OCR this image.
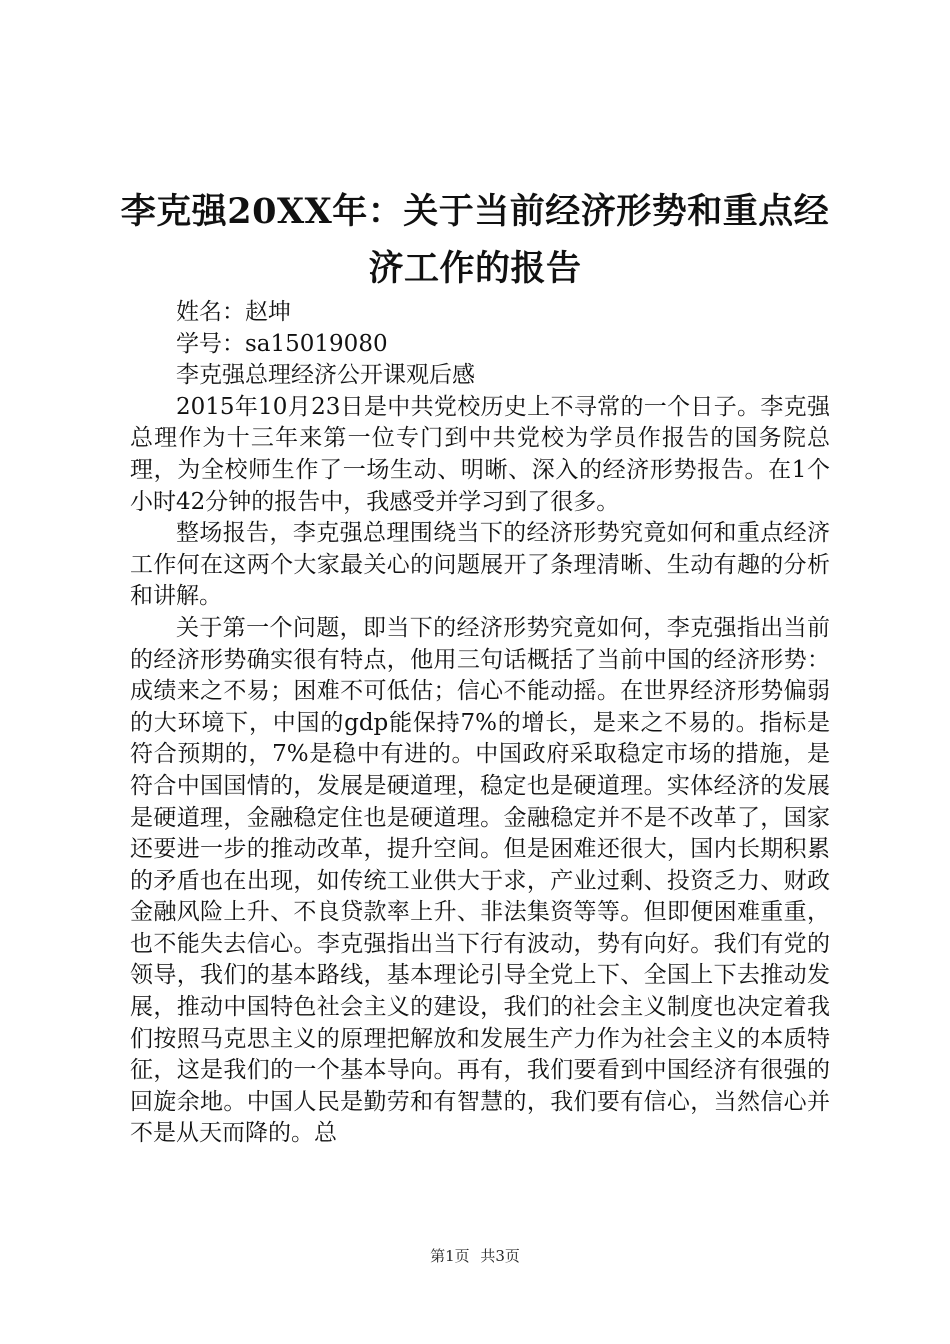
李克强20XX年：关于当前经济形势和重点经
济工作的报告

姓名：赵坤

学号：sa15019080

李克强总理经济公开课观后感

2015年10月23日是中共党校历史上不寻常的一个日子。李克强总理作为十三年来第一位专门到中共党校为学员作报告的国务院总理，为全校师生作了一场生动、明晰、深入的经济形势报告。在1个小时42分钟的报告中，我感受并学习到了很多。

整场报告，李克强总理围绕当下的经济形势究竟如何和重点经济工作何在这两个大家最关心的问题展开了条理清晰、生动有趣的分析和讲解。

关于第一个问题，即当下的经济形势究竟如何，李克强指出当前的经济形势确实很有特点，他用三句话概括了当前中国的经济形势：成绩来之不易；困难不可低估；信心不能动摇。在世界经济形势偏弱的大环境下，中国的gdp能保持7%的增长，是来之不易的。指标是符合预期的，7%是稳中有进的。中国政府采取稳定市场的措施，是符合中国国情的，发展是硬道理，稳定也是硬道理。实体经济的发展是硬道理，金融稳定住也是硬道理。金融稳定并不是不改革了，国家还要进一步的推动改革，提升空间。但是困难还很大，国内长期积累的矛盾也在出现，如传统工业供大于求，产业过剩、投资乏力、财政金融风险上升、不良贷款率上升、非法集资等等。但即便困难重重，也不能失去信心。李克强指出当下行有波动，势有向好。我们有党的领导，我们的基本路线，基本理论引导全党上下、全国上下去推动发展，推动中国特色社会主义的建设，我们的社会主义制度也决定着我们按照马克思主义的原理把解放和发展生产力作为社会主义的本质特征，这是我们的一个基本导向。再有，我们要看到中国经济有很强的回旋余地。中国人民是勤劳和有智慧的，我们要有信心，当然信心并不是从天而降的。总

第1页 共3页
